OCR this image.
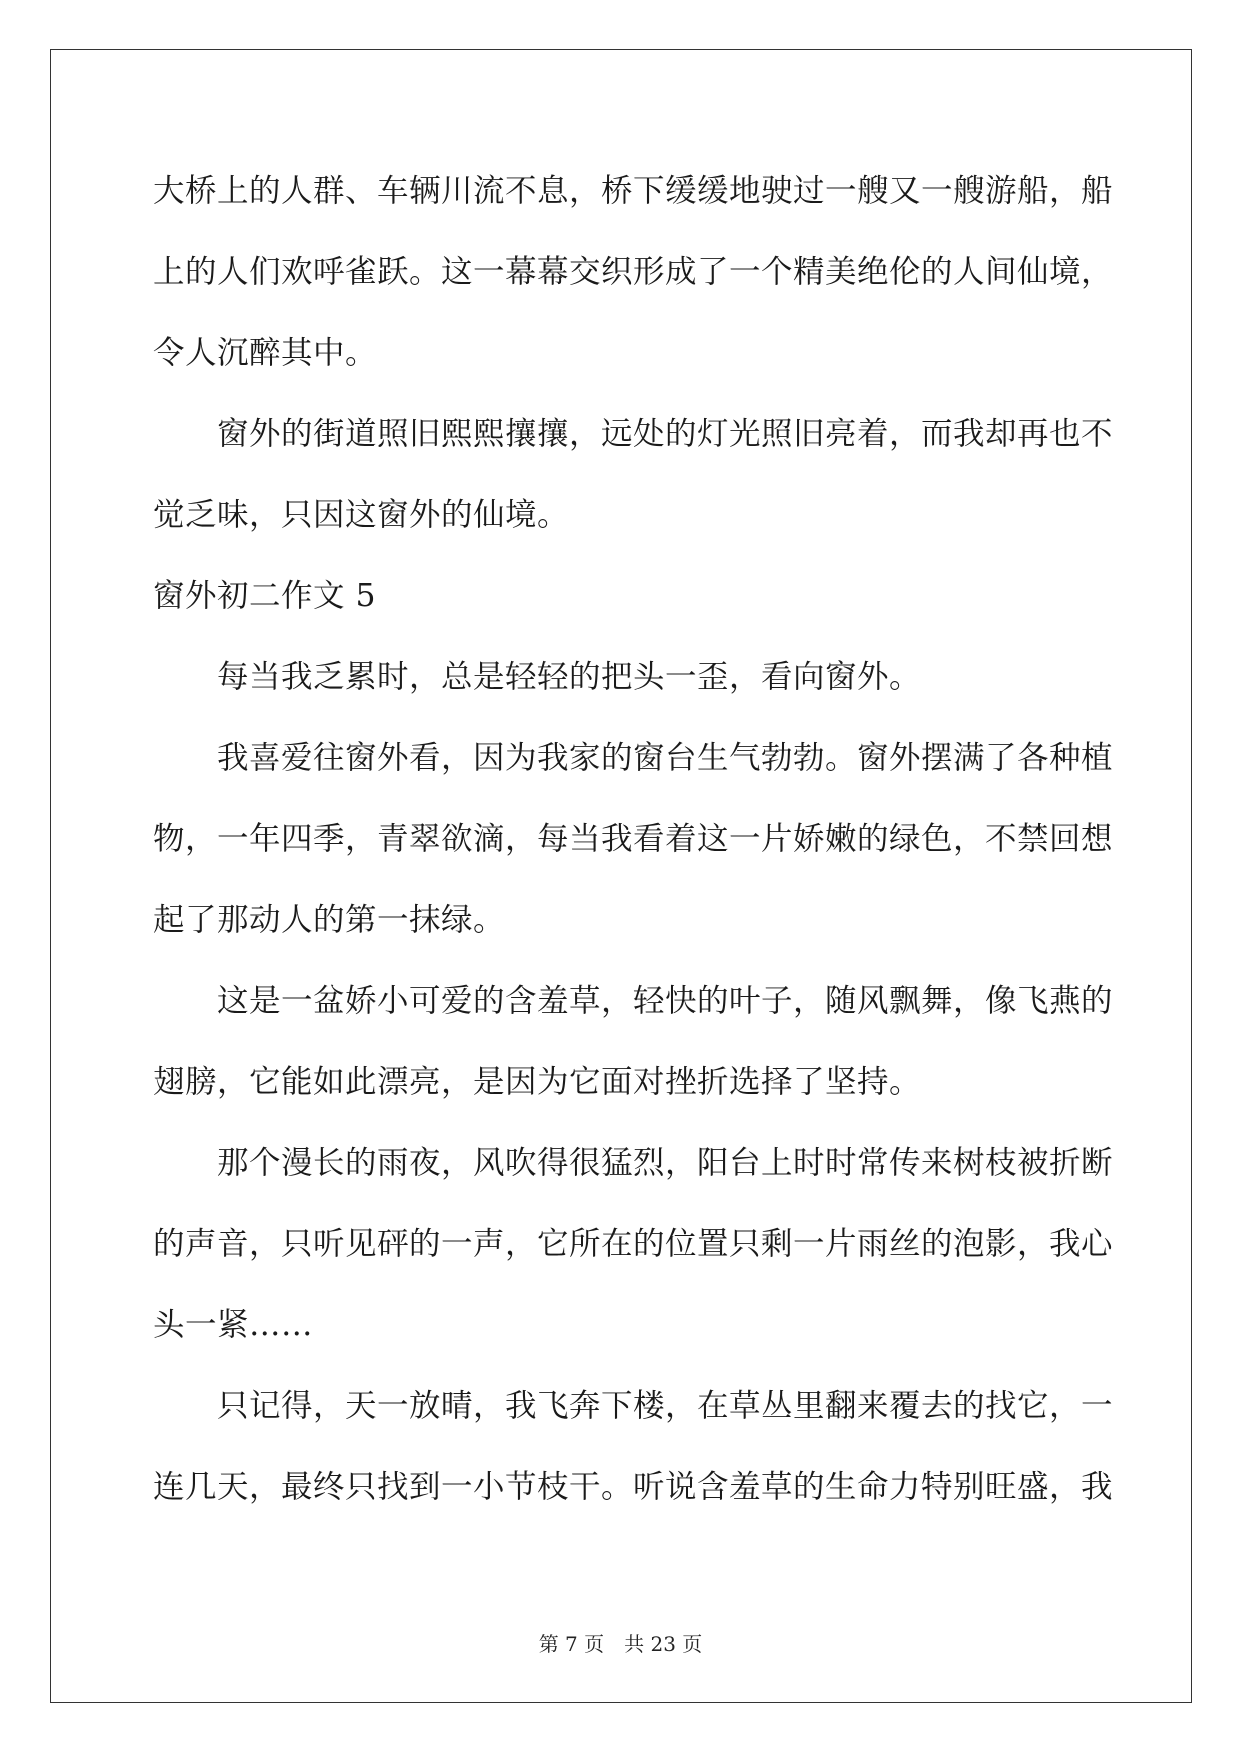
大桥上的人群、车辆川流不息，桥下缓缓地驶过一艘又一艘游船，船
上的人们欢呼雀跃。这一幕幕交织形成了一个精美绝伦的人间仙境，
令人沉醉其中。
窗外的街道照旧熙熙攘攘，远处的灯光照旧亮着，而我却再也不
觉乏味，只因这窗外的仙境。
窗外初二作文 5
每当我乏累时，总是轻轻的把头一歪，看向窗外。
我喜爱往窗外看，因为我家的窗台生气勃勃。窗外摆满了各种植
物，一年四季，青翠欲滴，每当我看着这一片娇嫩的绿色，不禁回想
起了那动人的第一抹绿。
这是一盆娇小可爱的含羞草，轻快的叶子，随风飘舞，像飞燕的
翅膀，它能如此漂亮，是因为它面对挫折选择了坚持。
那个漫长的雨夜，风吹得很猛烈，阳台上时时常传来树枝被折断
的声音，只听见砰的一声，它所在的位置只剩一片雨丝的泡影，我心
头一紧……
只记得，天一放晴，我飞奔下楼，在草丛里翻来覆去的找它，一
连几天，最终只找到一小节枝干。听说含羞草的生命力特别旺盛，我
第 7 页　共 23 页
